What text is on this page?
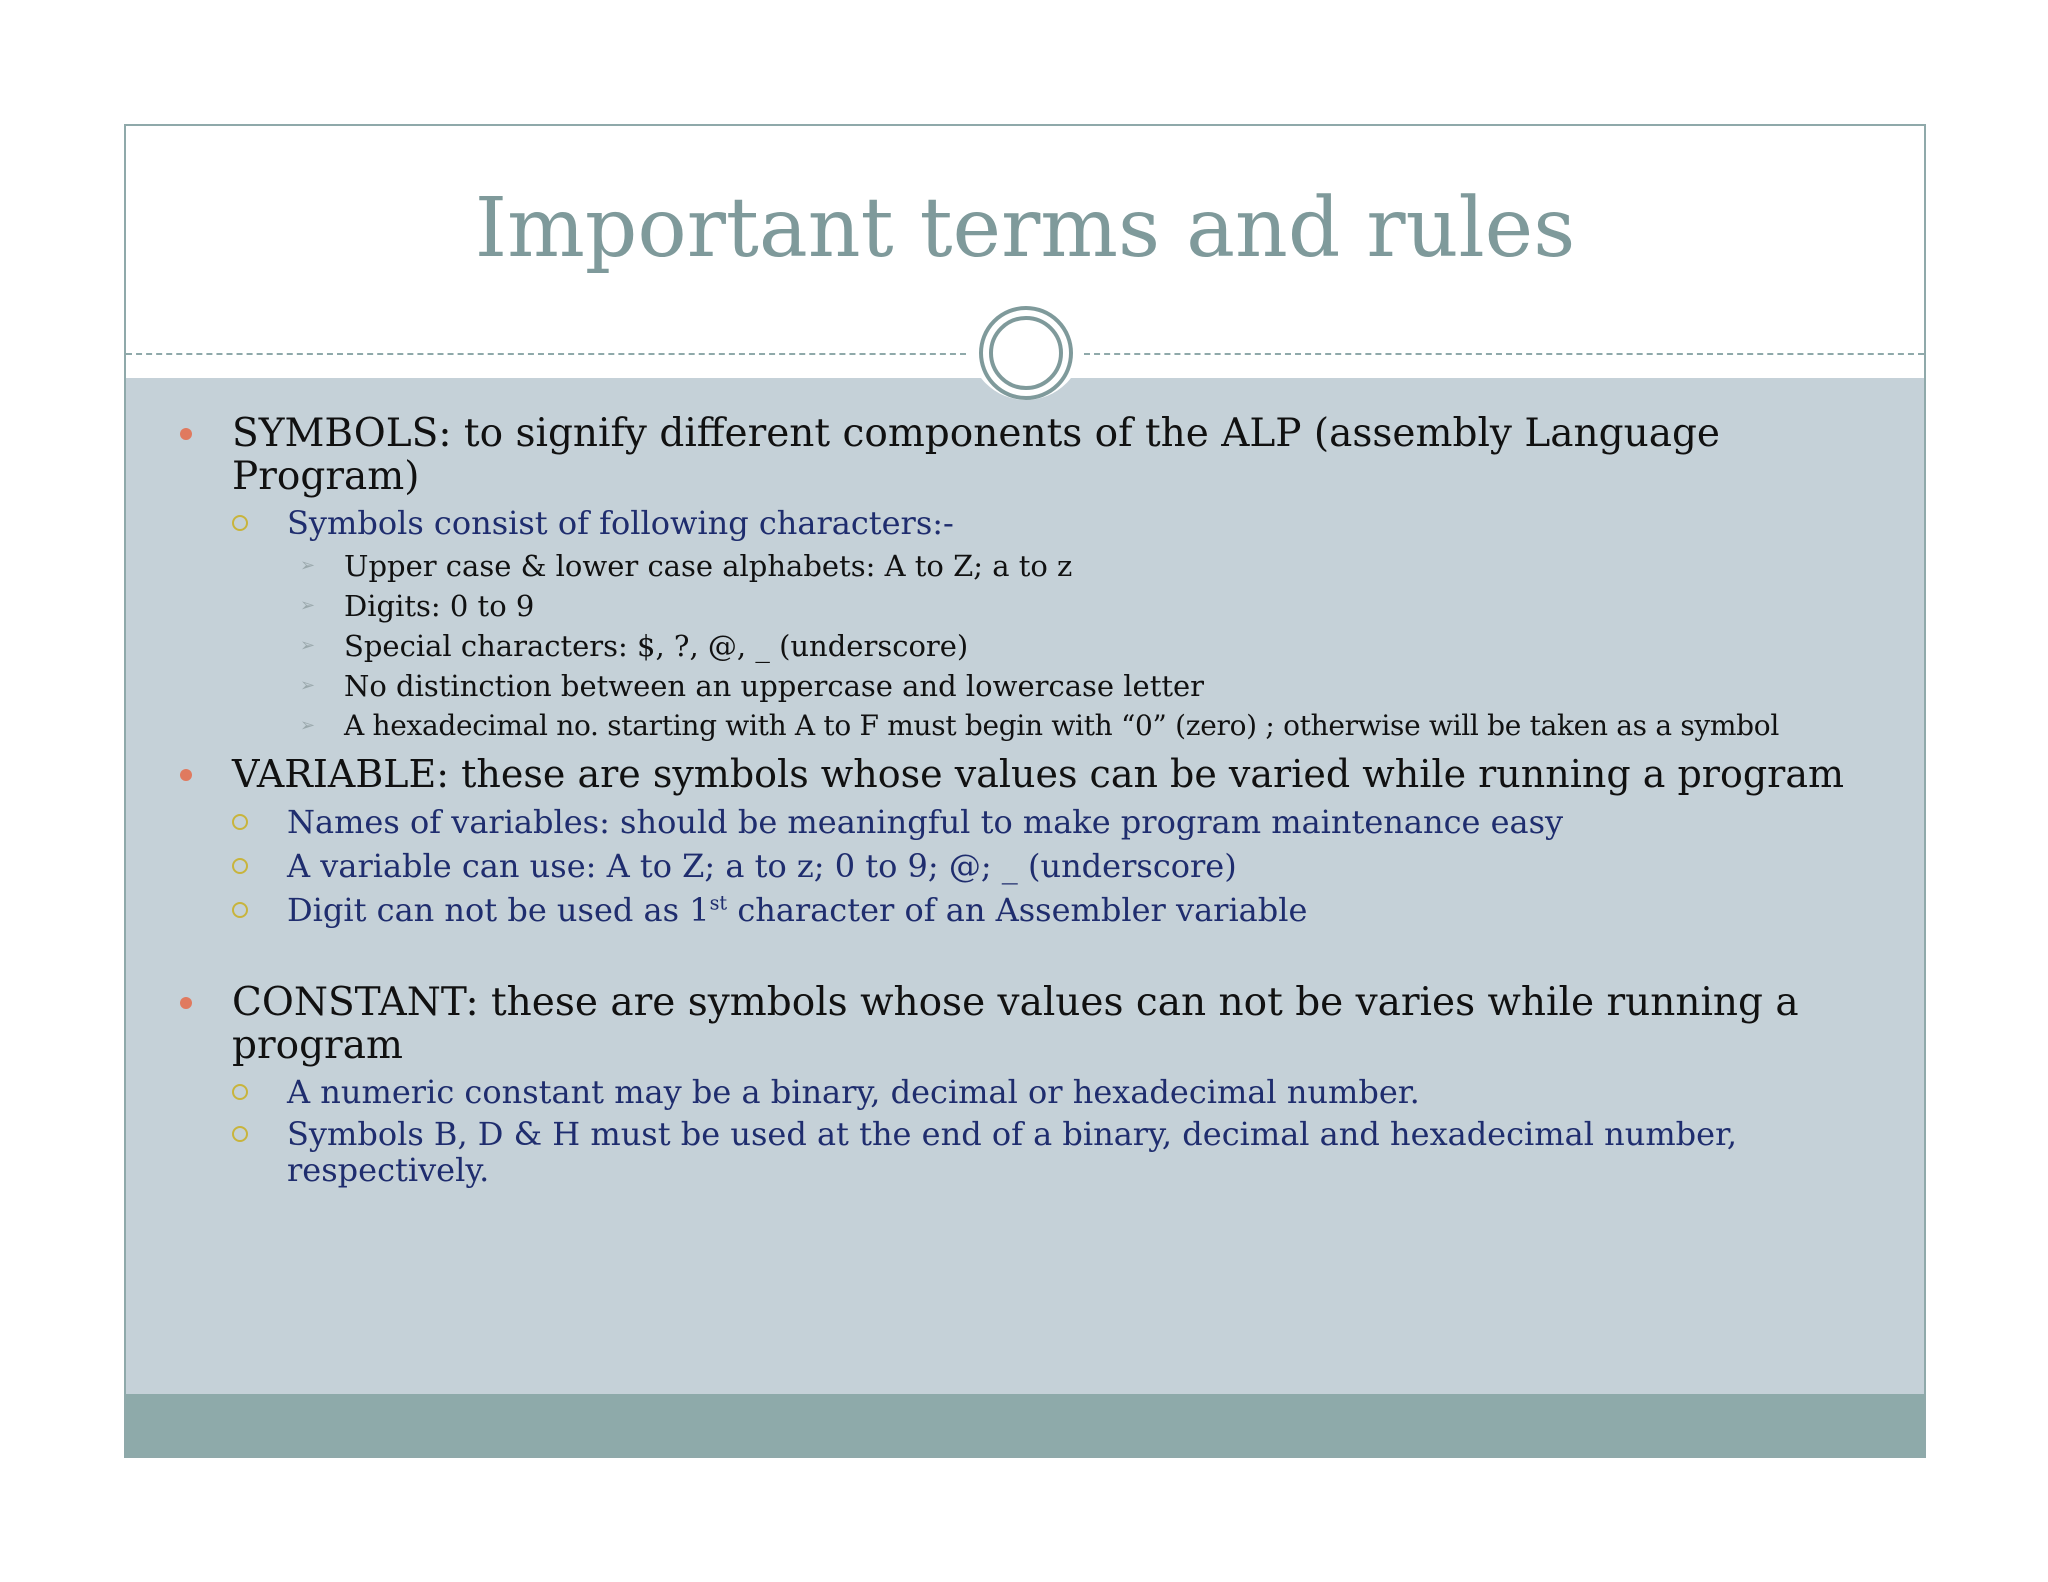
Important terms and rules
SYMBOLS: to signify different components of the ALP (assembly Language Program)
Symbols consist of following characters:-
➢ Upper case & lower case alphabets: A to Z; a to z
➢ Digits: 0 to 9
➢ Special characters: $, ?, @, _ (underscore)
➢ No distinction between an uppercase and lowercase letter
➢ A hexadecimal no. starting with A to F must begin with “0” (zero) ; otherwise will be taken as a symbol
VARIABLE: these are symbols whose values can be varied while running a program
Names of variables: should be meaningful to make program maintenance easy
A variable can use: A to Z; a to z; 0 to 9; @; _ (underscore)
Digit can not be used as 1st character of an Assembler variable
CONSTANT: these are symbols whose values can not be varies while running a program
A numeric constant may be a binary, decimal or hexadecimal number.
Symbols B, D & H must be used at the end of a binary, decimal and hexadecimal number, respectively.
